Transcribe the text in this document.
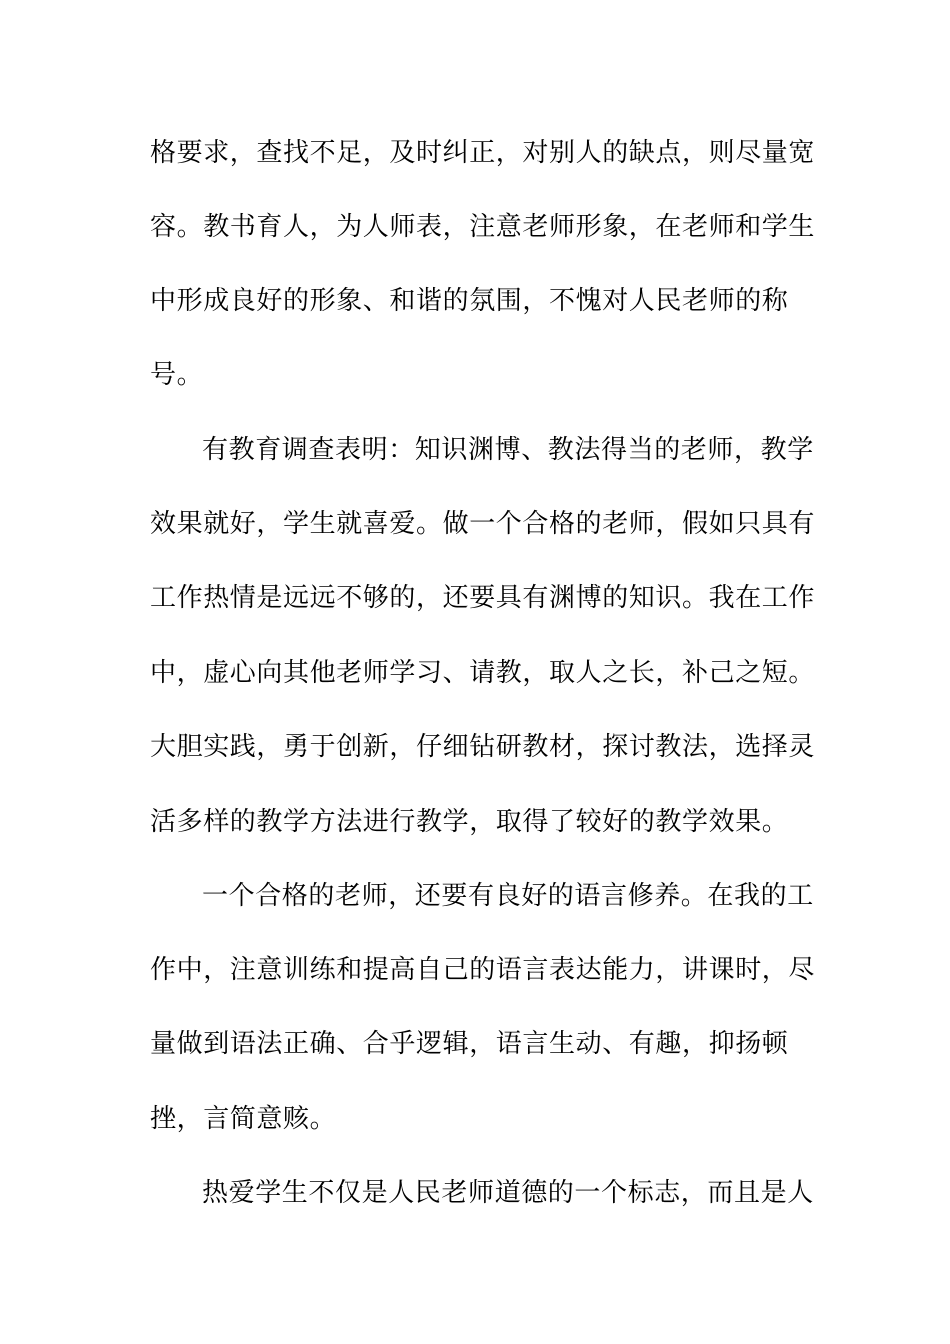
格要求，查找不足，及时纠正，对别人的缺点，则尽量宽
容。教书育人，为人师表，注意老师形象，在老师和学生
中形成良好的形象、和谐的氛围，不愧对人民老师的称
号。
有教育调查表明：知识渊博、教法得当的老师，教学
效果就好，学生就喜爱。做一个合格的老师，假如只具有
工作热情是远远不够的，还要具有渊博的知识。我在工作
中，虚心向其他老师学习、请教，取人之长，补己之短。
大胆实践，勇于创新，仔细钻研教材，探讨教法，选择灵
活多样的教学方法进行教学，取得了较好的教学效果。
一个合格的老师，还要有良好的语言修养。在我的工
作中，注意训练和提高自己的语言表达能力，讲课时，尽
量做到语法正确、合乎逻辑，语言生动、有趣，抑扬顿
挫，言简意赅。
热爱学生不仅是人民老师道德的一个标志，而且是人
